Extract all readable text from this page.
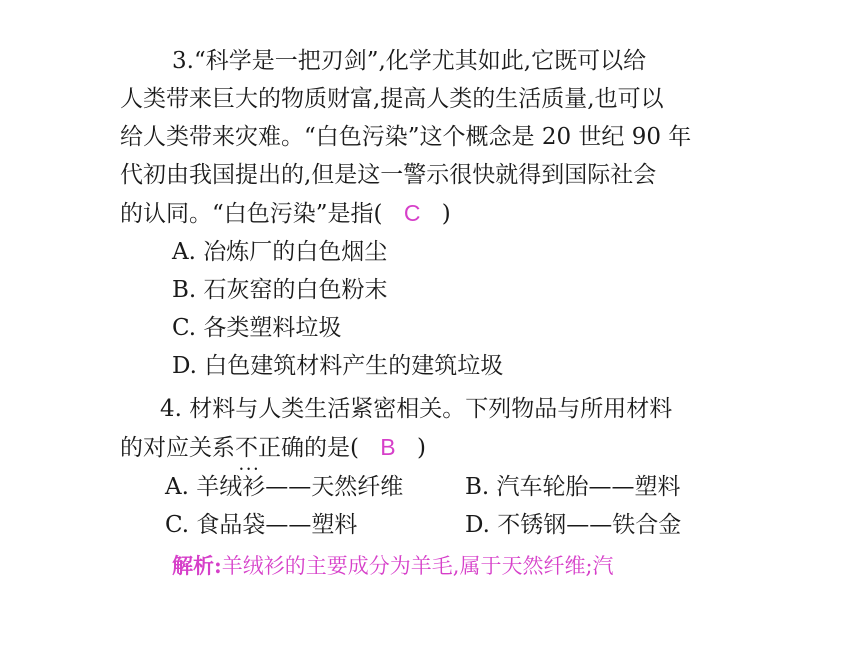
3.“科学是一把刃剑”,化学尤其如此,它既可以给
人类带来巨大的物质财富,提高人类的生活质量,也可以
给人类带来灾难。“白色污染”这个概念是 20 世纪 90 年
代初由我国提出的,但是这一警示很快就得到国际社会
的认同。“白色污染”是指( C )
A. 冶炼厂的白色烟尘
B. 石灰窑的白色粉末
C. 各类塑料垃圾
D. 白色建筑材料产生的建筑垃圾
4. 材料与人类生活紧密相关。下列物品与所用材料
的对应关系不正确 • • •的是( B )
A. 羊绒衫——天然纤维	B. 汽车轮胎——塑料
C. 食品袋——塑料	D. 不锈钢——铁合金
解析:羊绒衫的主要成分为羊毛,属于天然纤维;汽
